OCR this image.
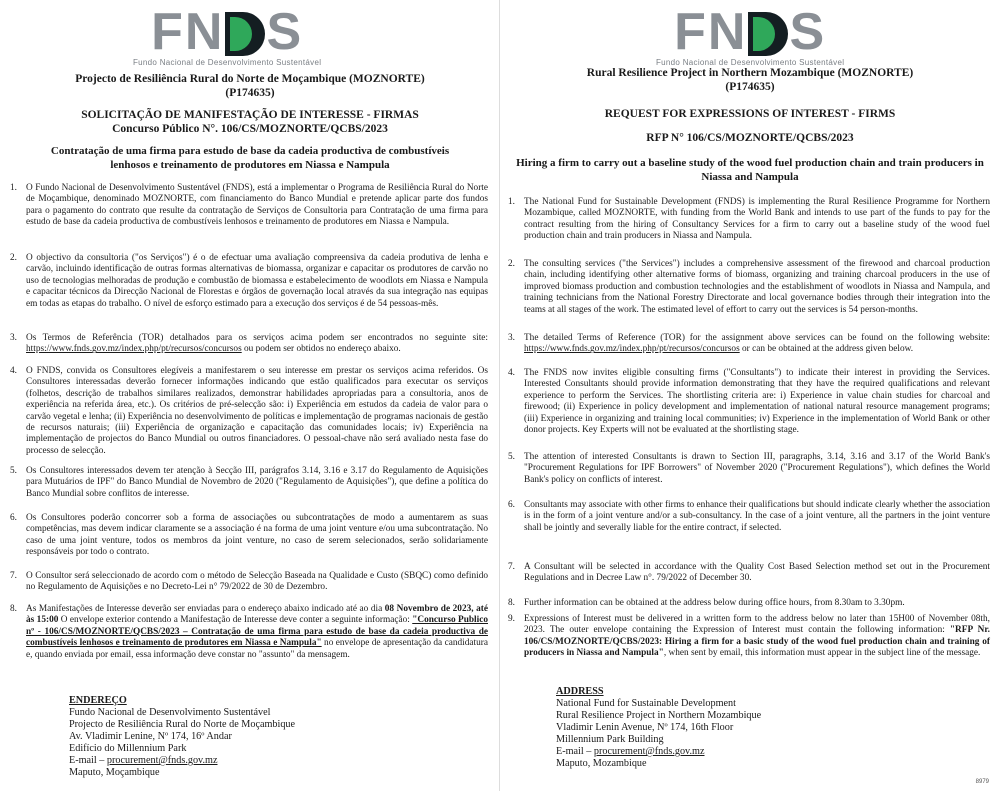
FN S
Fundo Nacional de Desenvolvimento Sustentável
Projecto de Resiliência Rural do Norte de Moçambique (MOZNORTE)
(P174635)
SOLICITAÇÃO DE MANIFESTAÇÃO DE INTERESSE - FIRMAS
Concurso Público N°. 106/CS/MOZNORTE/QCBS/2023
Contratação de uma firma para estudo de base da cadeia productiva de combustíveis lenhosos e treinamento de produtores em Niassa e Nampula
1. O Fundo Nacional de Desenvolvimento Sustentável (FNDS), está a implementar o Programa de Resiliência Rural do Norte de Moçambique, denominado MOZNORTE, com financiamento do Banco Mundial e pretende aplicar parte dos fundos para o pagamento do contrato que resulte da contratação de Serviços de Consultoria para Contratação de uma firma para estudo de base da cadeia productiva de combustíveis lenhosos e treinamento de produtores em Niassa e Nampula.
2. O objectivo da consultoria ("os Serviços") é o de efectuar uma avaliação compreensiva da cadeia produtiva de lenha e carvão, incluindo identificação de outras formas alternativas de biomassa, organizar e capacitar os produtores de carvão no uso de tecnologias melhoradas de produção e combustão de biomassa e estabelecimento de woodlots em Niassa e Nampula e capacitar técnicos da Direcção Nacional de Florestas e órgãos de governação local através da sua integração nas equipas em todas as etapas do trabalho. O nível de esforço estimado para a execução dos serviços é de 54 pessoas-mês.
3. Os Termos de Referência (TOR) detalhados para os serviços acima podem ser encontrados no seguinte site: https://www.fnds.gov.mz/index.php/pt/recursos/concursos ou podem ser obtidos no endereço abaixo.
4. O FNDS, convida os Consultores elegíveis a manifestarem o seu interesse em prestar os serviços acima referidos. Os Consultores interessadas deverão fornecer informações indicando que estão qualificados para executar os serviços (folhetos, descrição de trabalhos similares realizados, demonstrar habilidades apropriadas para a consultoria, anos de experiência na referida área, etc.). Os critérios de pré-selecção são: i) Experiência em estudos da cadeia de valor para o carvão vegetal e lenha; (ii) Experiência no desenvolvimento de políticas e implementação de programas nacionais de gestão de recursos naturais; (iii) Experiência de organização e capacitação das comunidades locais; iv) Experiência na implementação de projectos do Banco Mundial ou outros financiadores. O pessoal-chave não será avaliado nesta fase do processo de selecção.
5. Os Consultores interessados devem ter atenção à Secção III, parágrafos 3.14, 3.16 e 3.17 do Regulamento de Aquisições para Mutuários de IPF" do Banco Mundial de Novembro de 2020 ("Regulamento de Aquisições"), que define a política do Banco Mundial sobre conflitos de interesse.
6. Os Consultores poderão concorrer sob a forma de associações ou subcontratações de modo a aumentarem as suas competências, mas devem indicar claramente se a associação é na forma de uma joint venture e/ou uma subcontratação. No caso de uma joint venture, todos os membros da joint venture, no caso de serem selecionados, serão solidariamente responsáveis por todo o contrato.
7. O Consultor será seleccionado de acordo com o método de Selecção Baseada na Qualidade e Custo (SBQC) como definido no Regulamento de Aquisições e no Decreto-Lei n° 79/2022 de 30 de Dezembro.
8. As Manifestações de Interesse deverão ser enviadas para o endereço abaixo indicado até ao dia 08 Novembro de 2023, até às 15:00 O envelope exterior contendo a Manifestação de Interesse deve conter a seguinte informação: "Concurso Publico nº - 106/CS/MOZNORTE/QCBS/2023 – Contratação de uma firma para estudo de base da cadeia productiva de combustíveis lenhosos e treinamento de produtores em Niassa e Nampula" no envelope de apresentação da candidatura e, quando enviada por email, essa informação deve constar no "assunto" da mensagem.
ENDEREÇO
Fundo Nacional de Desenvolvimento Sustentável
Projecto de Resiliência Rural do Norte de Moçambique
Av. Vladimir Lenine, Nº 174, 16º Andar
Edifício do Millennium Park
E-mail – procurement@fnds.gov.mz
Maputo, Moçambique
FN S
Fundo Nacional de Desenvolvimento Sustentável
Rural Resilience Project in Northern Mozambique (MOZNORTE)
(P174635)
REQUEST FOR EXPRESSIONS OF INTEREST - FIRMS
RFP N° 106/CS/MOZNORTE/QCBS/2023
Hiring a firm to carry out a baseline study of the wood fuel production chain and train producers in Niassa and Nampula
1. The National Fund for Sustainable Development (FNDS) is implementing the Rural Resilience Programme for Northern Mozambique, called MOZNORTE, with funding from the World Bank and intends to use part of the funds to pay for the contract resulting from the hiring of Consultancy Services for a firm to carry out a baseline study of the wood fuel production chain and train producers in Niassa and Nampula.
2. The consulting services ("the Services") includes a comprehensive assessment of the firewood and charcoal production chain, including identifying other alternative forms of biomass, organizing and training charcoal producers in the use of improved biomass production and combustion technologies and the establishment of woodlots in Niassa and Nampula, and training technicians from the National Forestry Directorate and local governance bodies through their integration into the teams at all stages of the work. The estimated level of effort to carry out the services is 54 person-months.
3. The detailed Terms of Reference (TOR) for the assignment above services can be found on the following website: https://www.fnds.gov.mz/index.php/pt/recursos/concursos or can be obtained at the address given below.
4. The FNDS now invites eligible consulting firms ("Consultants") to indicate their interest in providing the Services. Interested Consultants should provide information demonstrating that they have the required qualifications and relevant experience to perform the Services. The shortlisting criteria are: i) Experience in value chain studies for charcoal and firewood; (ii) Experience in policy development and implementation of national natural resource management programs; (iii) Experience in organizing and training local communities; iv) Experience in the implementation of World Bank or other donor projects. Key Experts will not be evaluated at the shortlisting stage.
5. The attention of interested Consultants is drawn to Section III, paragraphs, 3.14, 3.16 and 3.17 of the World Bank's "Procurement Regulations for IPF Borrowers" of November 2020 ("Procurement Regulations"), which defines the World Bank's policy on conflicts of interest.
6. Consultants may associate with other firms to enhance their qualifications but should indicate clearly whether the association is in the form of a joint venture and/or a sub-consultancy. In the case of a joint venture, all the partners in the joint venture shall be jointly and severally liable for the entire contract, if selected.
7. A Consultant will be selected in accordance with the Quality Cost Based Selection method set out in the Procurement Regulations and in Decree Law n°. 79/2022 of December 30.
8. Further information can be obtained at the address below during office hours, from 8.30am to 3.30pm.
9. Expressions of Interest must be delivered in a written form to the address below no later than 15H00 of November 08th, 2023. The outer envelope containing the Expression of Interest must contain the following information: "RFP Nr. 106/CS/MOZNORTE/QCBS/2023: Hiring a firm for a basic study of the wood fuel production chain and training of producers in Niassa and Nampula", when sent by email, this information must appear in the subject line of the message.
ADDRESS
National Fund for Sustainable Development
Rural Resilience Project in Northern Mozambique
Vladimir Lenin Avenue, Nº 174, 16th Floor
Millennium Park Building
E-mail – procurement@fnds.gov.mz
Maputo, Mozambique
8979
